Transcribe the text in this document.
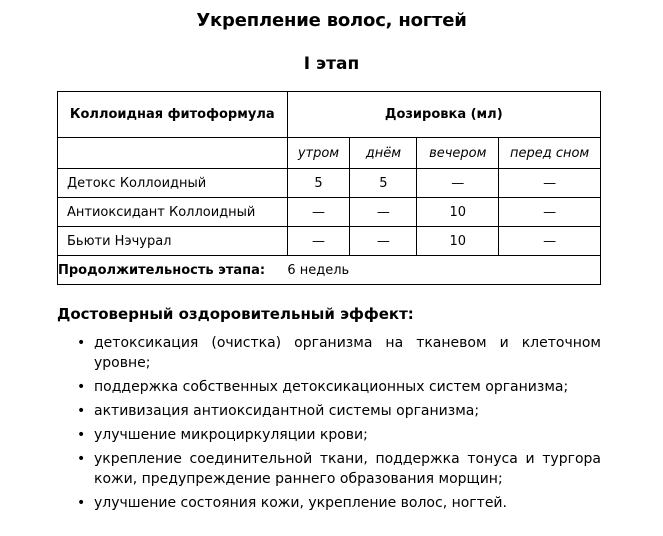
Укрепление волос, ногтей
I этап
Коллоидная фитоформула	Дозировка (мл)			
	утром	днём	вечером	перед сном
Детокс Коллоидный	5	5	—	—
Антиоксидант Коллоидный	—	—	10	—
Бьюти Нэчурал	—	—	10	—
Продолжительность этапа: 6 недель				
Достоверный оздоровительный эффект:
• детоксикация (очистка) организма на тканевом и клеточном уровне;
• поддержка собственных детоксикационных систем организма;
• активизация антиоксидантной системы организма;
• улучшение микроциркуляции крови;
• укрепление соединительной ткани, поддержка тонуса и тургора кожи, предупреждение раннего образования морщин;
• улучшение состояния кожи, укрепление волос, ногтей.
